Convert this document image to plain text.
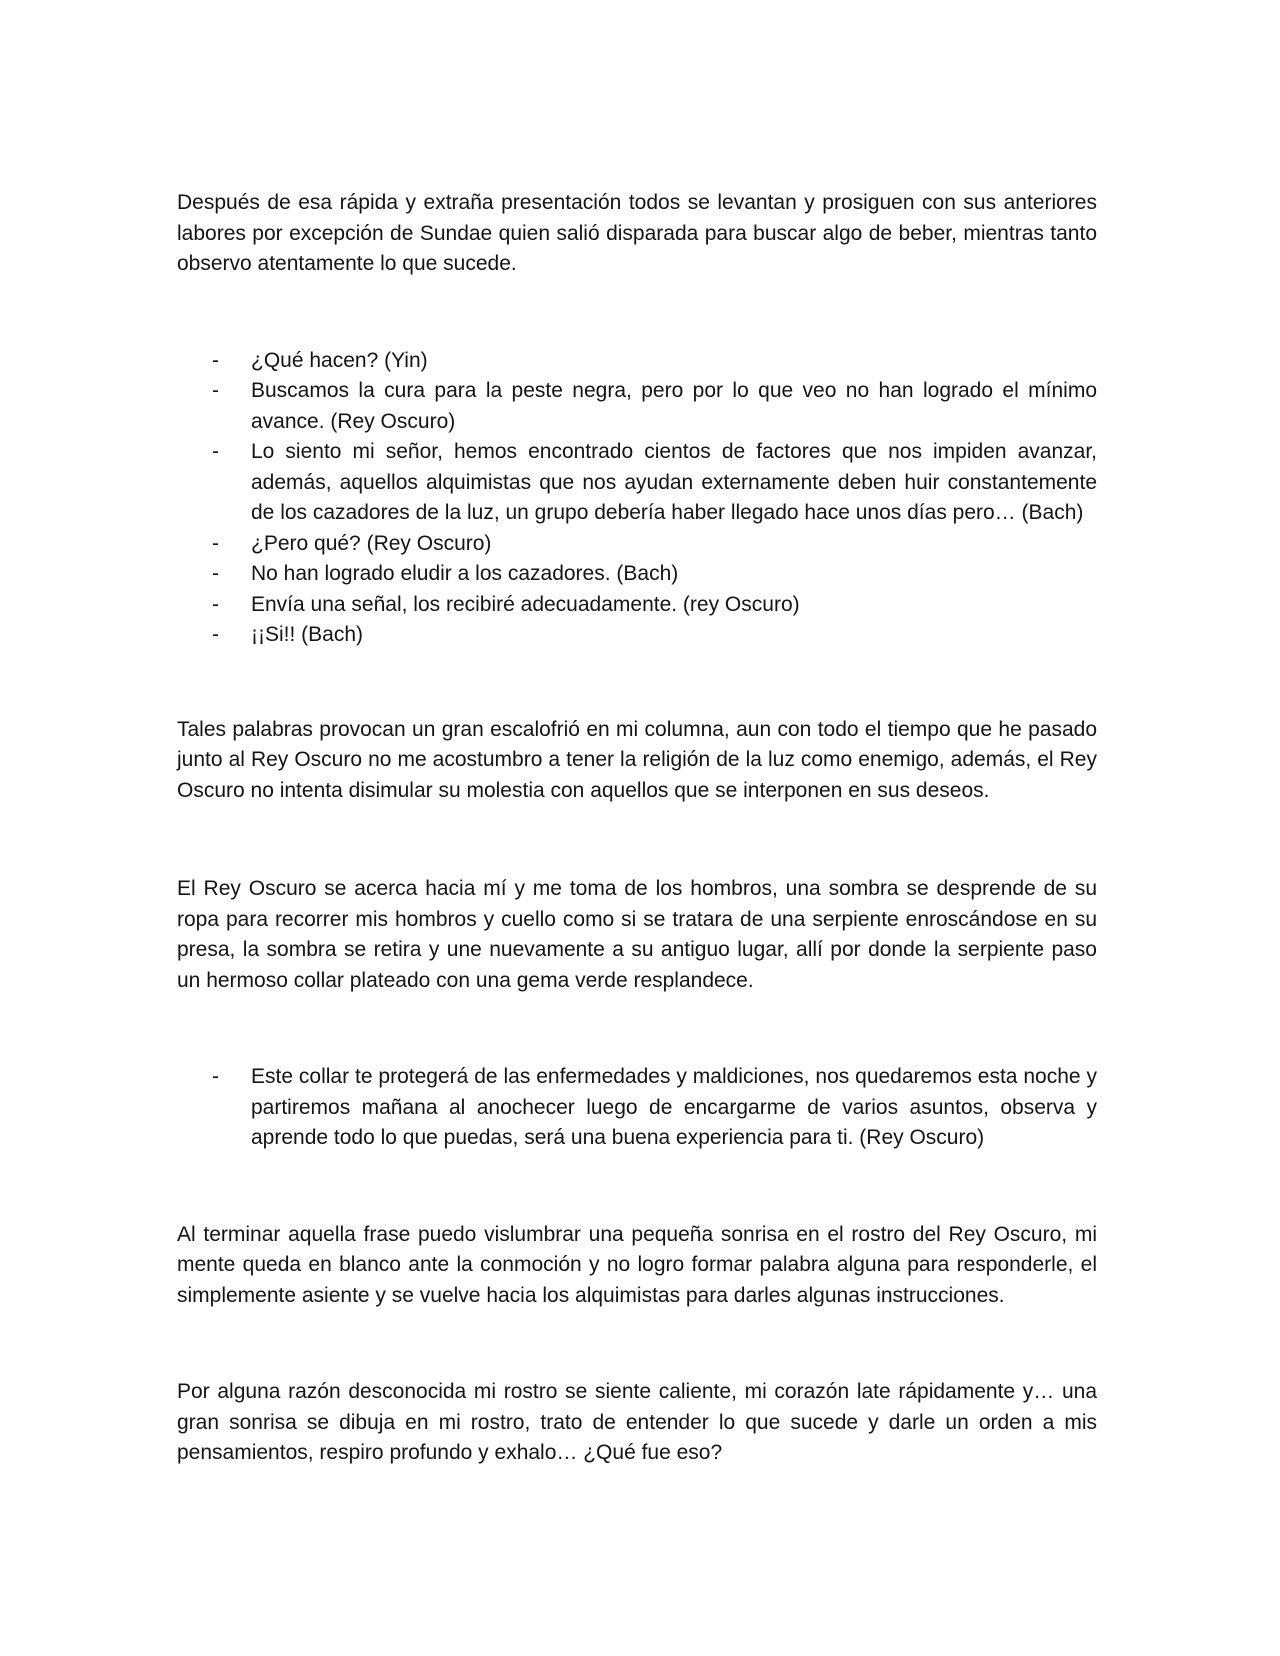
Después de esa rápida y extraña presentación todos se levantan y prosiguen con sus anteriores labores por excepción de Sundae quien salió disparada para buscar algo de beber, mientras tanto observo atentamente lo que sucede.

- ¿Qué hacen? (Yin)
- Buscamos la cura para la peste negra, pero por lo que veo no han logrado el mínimo avance. (Rey Oscuro)
- Lo siento mi señor, hemos encontrado cientos de factores que nos impiden avanzar, además, aquellos alquimistas que nos ayudan externamente deben huir constantemente de los cazadores de la luz, un grupo debería haber llegado hace unos días pero… (Bach)
- ¿Pero qué? (Rey Oscuro)
- No han logrado eludir a los cazadores. (Bach)
- Envía una señal, los recibiré adecuadamente. (rey Oscuro)
- ¡¡Si!! (Bach)

Tales palabras provocan un gran escalofrió en mi columna, aun con todo el tiempo que he pasado junto al Rey Oscuro no me acostumbro a tener la religión de la luz como enemigo, además, el Rey Oscuro no intenta disimular su molestia con aquellos que se interponen en sus deseos.

El Rey Oscuro se acerca hacia mí y me toma de los hombros, una sombra se desprende de su ropa para recorrer mis hombros y cuello como si se tratara de una serpiente enroscándose en su presa, la sombra se retira y une nuevamente a su antiguo lugar, allí por donde la serpiente paso un hermoso collar plateado con una gema verde resplandece.

- Este collar te protegerá de las enfermedades y maldiciones, nos quedaremos esta noche y partiremos mañana al anochecer luego de encargarme de varios asuntos, observa y aprende todo lo que puedas, será una buena experiencia para ti. (Rey Oscuro)

Al terminar aquella frase puedo vislumbrar una pequeña sonrisa en el rostro del Rey Oscuro, mi mente queda en blanco ante la conmoción y no logro formar palabra alguna para responderle, el simplemente asiente y se vuelve hacia los alquimistas para darles algunas instrucciones.

Por alguna razón desconocida mi rostro se siente caliente, mi corazón late rápidamente y… una gran sonrisa se dibuja en mi rostro, trato de entender lo que sucede y darle un orden a mis pensamientos, respiro profundo y exhalo… ¿Qué fue eso?
